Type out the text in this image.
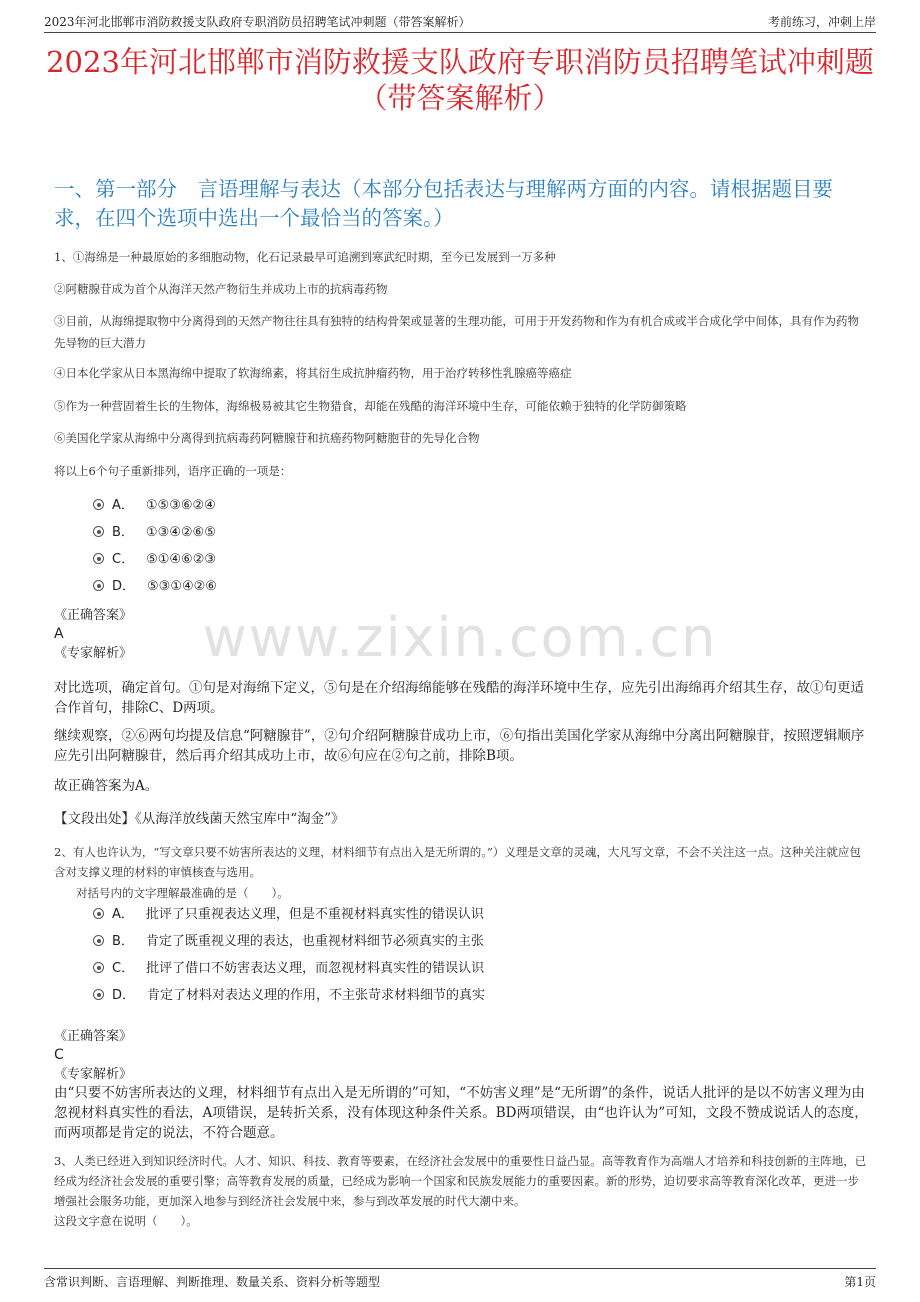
2023年河北邯郸市消防救援支队政府专职消防员招聘笔试冲刺题（带答案解析）	考前练习，冲刺上岸
2023年河北邯郸市消防救援支队政府专职消防员招聘笔试冲刺题（带答案解析）
一、第一部分　言语理解与表达（本部分包括表达与理解两方面的内容。请根据题目要求，在四个选项中选出一个最恰当的答案。）
1、①海绵是一种最原始的多细胞动物，化石记录最早可追溯到寒武纪时期，至今已发展到一万多种
②阿糖腺苷成为首个从海洋天然产物衍生并成功上市的抗病毒药物
③目前，从海绵提取物中分离得到的天然产物往往具有独特的结构骨架或显著的生理功能，可用于开发药物和作为有机合成或半合成化学中间体，具有作为药物先导物的巨大潜力
④日本化学家从日本黑海绵中提取了软海绵素，将其衍生成抗肿瘤药物，用于治疗转移性乳腺癌等癌症
⑤作为一种营固着生长的生物体，海绵极易被其它生物猎食，却能在残酷的海洋环境中生存，可能依赖于独特的化学防御策略
⑥美国化学家从海绵中分离得到抗病毒药阿糖腺苷和抗癌药物阿糖胞苷的先导化合物
将以上6个句子重新排列，语序正确的一项是：
A． ①⑤③⑥②④
B． ①③④②⑥⑤
C． ⑤①④⑥②③
D． ⑤③①④②⑥
《正确答案》
A
《专家解析》	www.zixin.com.cn

对比选项，确定首句。①句是对海绵下定义，⑤句是在介绍海绵能够在残酷的海洋环境中生存，应先引出海绵再介绍其生存，故①句更适合作首句，排除C、D两项。

继续观察，②⑥两句均提及信息“阿糖腺苷”，②句介绍阿糖腺苷成功上市，⑥句指出美国化学家从海绵中分离出阿糖腺苷，按照逻辑顺序应先引出阿糖腺苷，然后再介绍其成功上市，故⑥句应在②句之前，排除B项。

故正确答案为A。

【文段出处】《从海洋放线菌天然宝库中“淘金”》

2、有人也许认为，“写文章只要不妨害所表达的义理，材料细节有点出入是无所谓的。”）义理是文章的灵魂，大凡写文章，不会不关注这一点。这种关注就应包含对支撑义理的材料的审慎核查与选用。
对括号内的文字理解最准确的是（　　）。
A． 批评了只重视表达义理，但是不重视材料真实性的错误认识
B． 肯定了既重视义理的表达，也重视材料细节必须真实的主张
C． 批评了借口不妨害表达义理，而忽视材料真实性的错误认识
D． 肯定了材料对表达义理的作用，不主张苛求材料细节的真实
《正确答案》
C
《专家解析》

由“只要不妨害所表达的义理，材料细节有点出入是无所谓的”可知，“不妨害义理”是“无所谓”的条件，说话人批评的是以不妨害义理为由忽视材料真实性的看法，A项错误，是转折关系，没有体现这种条件关系。BD两项错误，由“也许认为”可知，文段不赞成说话人的态度，而两项都是肯定的说法，不符合题意。

3、人类已经进入到知识经济时代。人才、知识、科技、教育等要素，在经济社会发展中的重要性日益凸显。高等教育作为高端人才培养和科技创新的主阵地，已经成为经济社会发展的重要引擎；高等教育发展的质量，已经成为影响一个国家和民族发展能力的重要因素。新的形势，迫切要求高等教育深化改革，更进一步增强社会服务功能，更加深入地参与到经济社会发展中来，参与到改革发展的时代大潮中来。
这段文字意在说明（　　）。
含常识判断、言语理解、判断推理、数量关系、资料分析等题型	第1页
